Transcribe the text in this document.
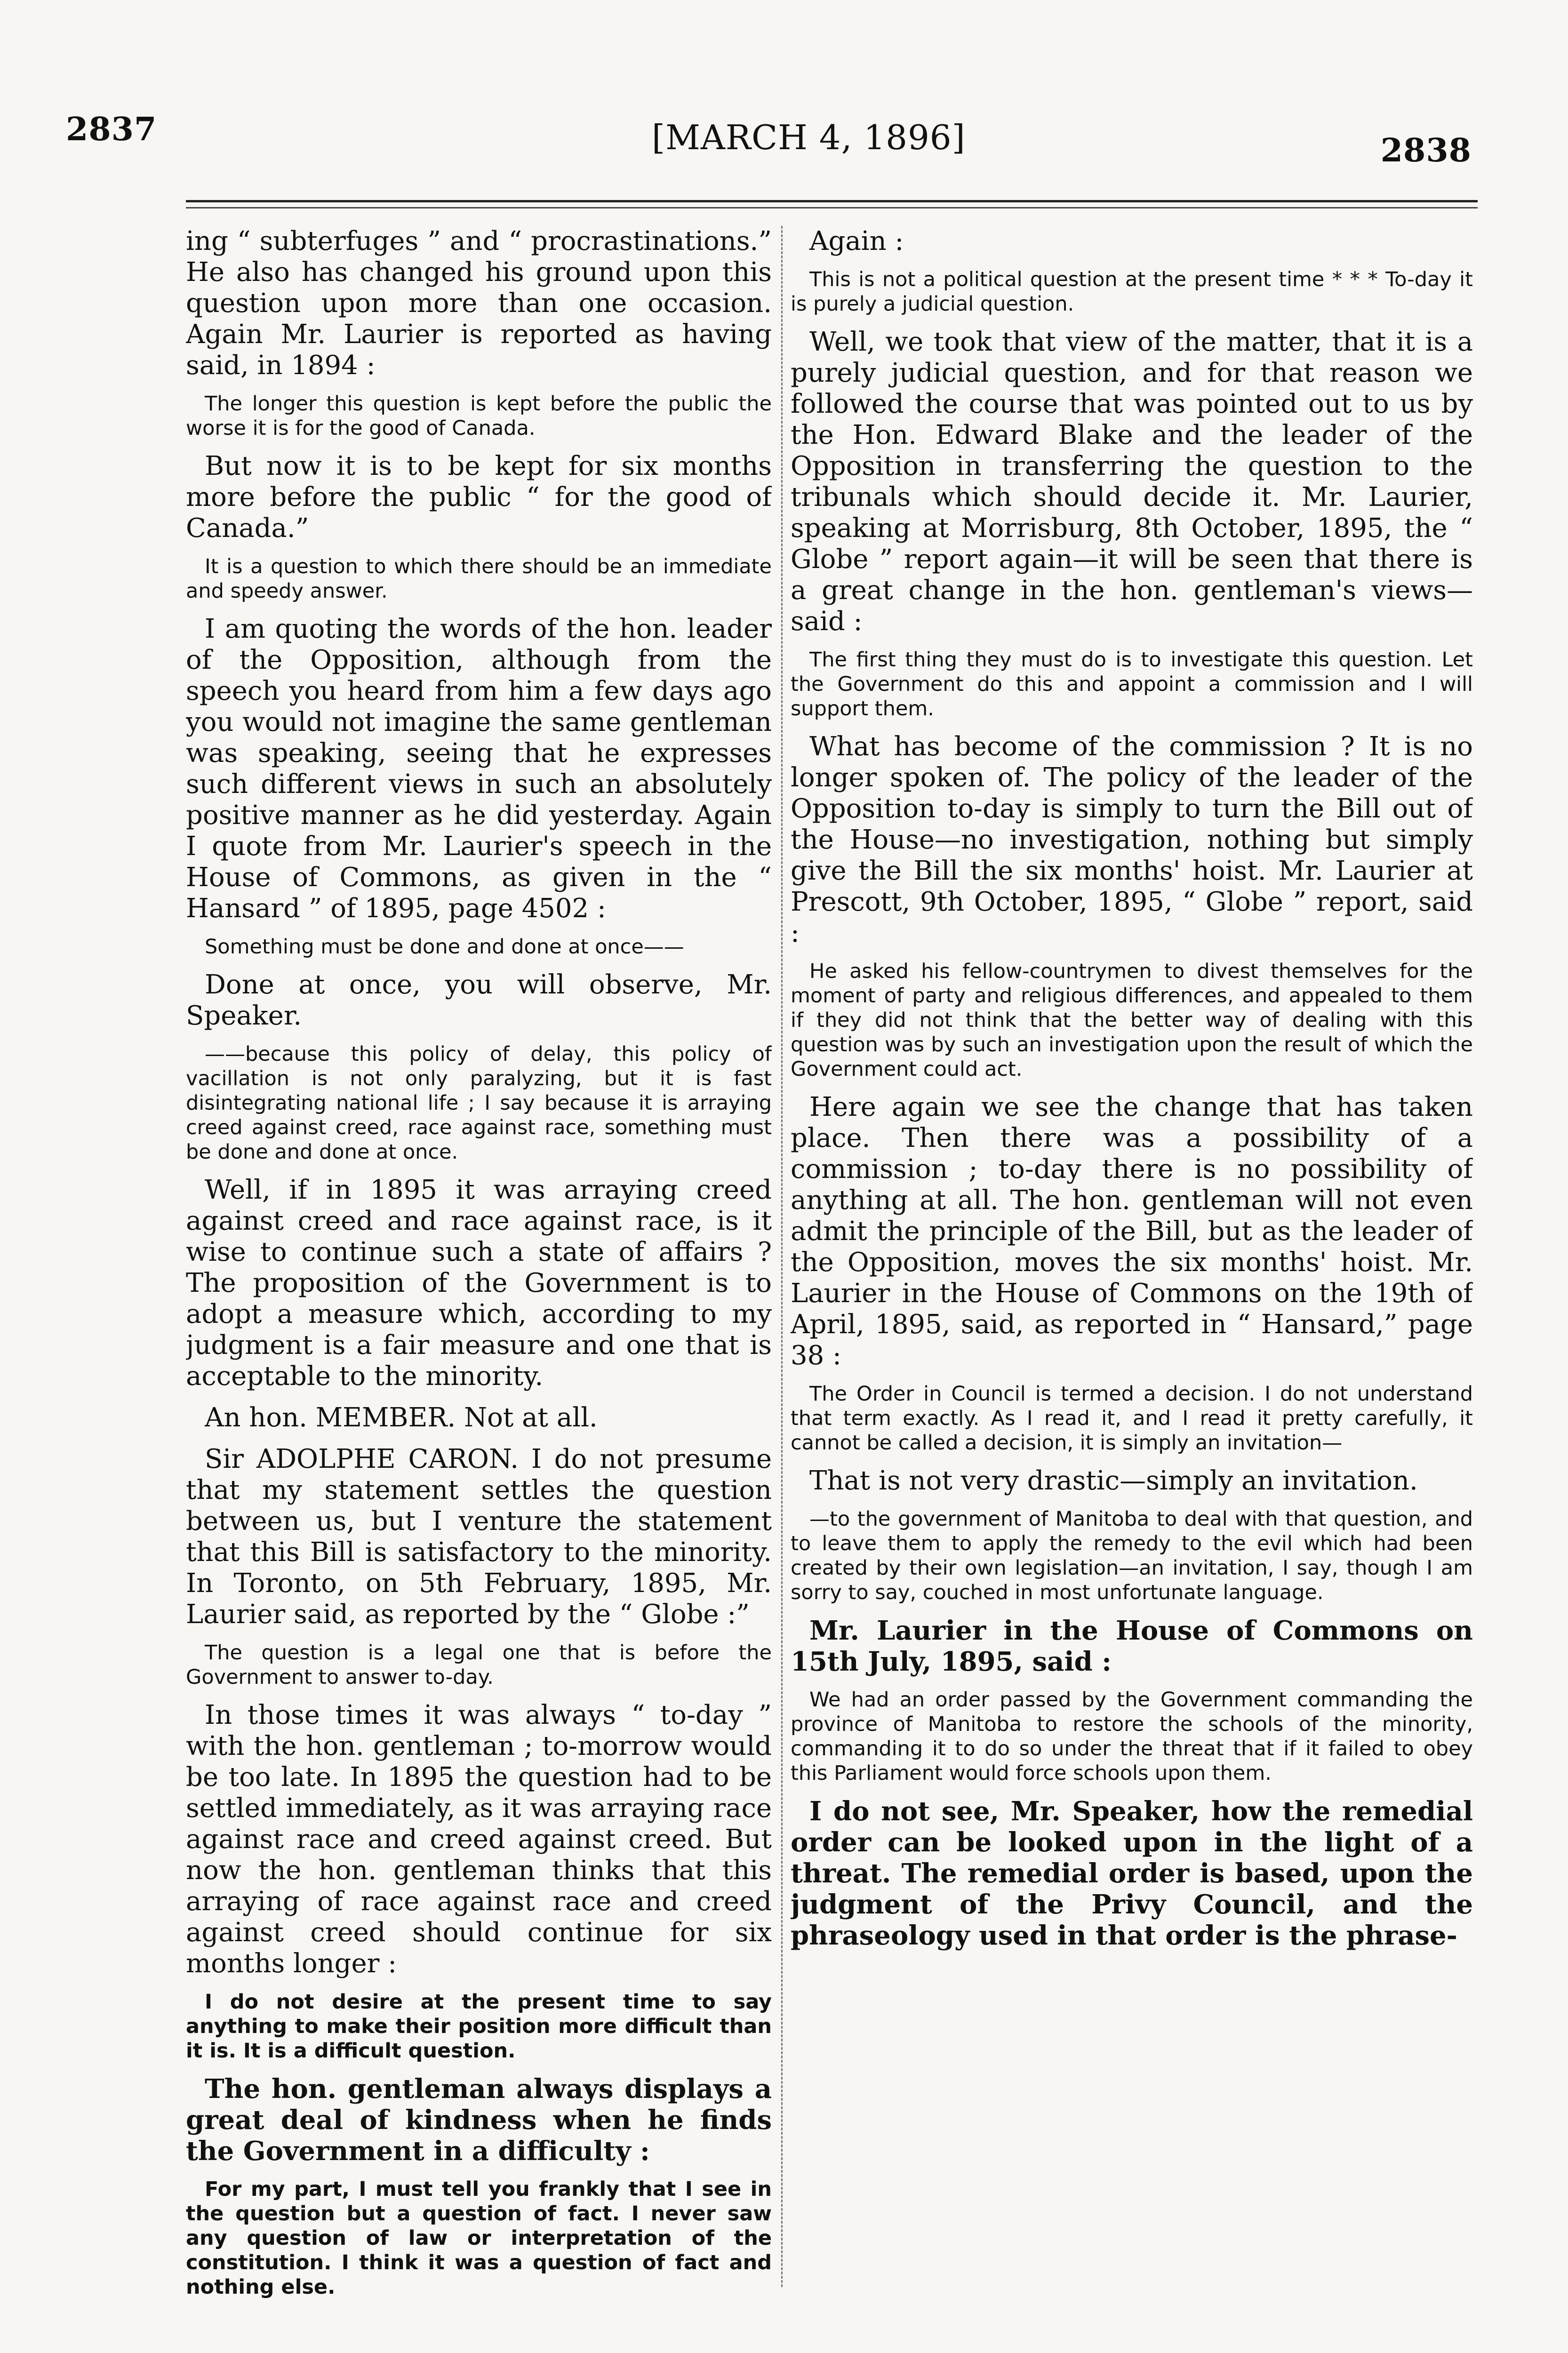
2837	[MARCH 4, 1896]	2838

ing “ subterfuges ” and “ procrastinations.” He also has changed his ground upon this question upon more than one occasion. Again Mr. Laurier is reported as having said, in 1894 :

The longer this question is kept before the public the worse it is for the good of Canada.

But now it is to be kept for six months more before the public “ for the good of Canada.”

It is a question to which there should be an immediate and speedy answer.

I am quoting the words of the hon. leader of the Opposition, although from the speech you heard from him a few days ago you would not imagine the same gentleman was speaking, seeing that he expresses such different views in such an absolutely positive manner as he did yesterday. Again I quote from Mr. Laurier's speech in the House of Commons, as given in the “ Hansard ” of 1895, page 4502 :

Something must be done and done at once——

Done at once, you will observe, Mr. Speaker.

——because this policy of delay, this policy of vacillation is not only paralyzing, but it is fast disintegrating national life ; I say because it is arraying creed against creed, race against race, something must be done and done at once.

Well, if in 1895 it was arraying creed against creed and race against race, is it wise to continue such a state of affairs ? The proposition of the Government is to adopt a measure which, according to my judgment is a fair measure and one that is acceptable to the minority.

An hon. MEMBER. Not at all.

Sir ADOLPHE CARON. I do not presume that my statement settles the question between us, but I venture the statement that this Bill is satisfactory to the minority. In Toronto, on 5th February, 1895, Mr. Laurier said, as reported by the “ Globe :”

The question is a legal one that is before the Government to answer to-day.

In those times it was always “ to-day ” with the hon. gentleman ; to-morrow would be too late. In 1895 the question had to be settled immediately, as it was arraying race against race and creed against creed. But now the hon. gentleman thinks that this arraying of race against race and creed against creed should continue for six months longer :

I do not desire at the present time to say anything to make their position more difficult than it is. It is a difficult question.

The hon. gentleman always displays a great deal of kindness when he finds the Government in a difficulty :

For my part, I must tell you frankly that I see in the question but a question of fact. I never saw any question of law or interpretation of the constitution. I think it was a question of fact and nothing else.

Again :

This is not a political question at the present time * * * To-day it is purely a judicial question.

Well, we took that view of the matter, that it is a purely judicial question, and for that reason we followed the course that was pointed out to us by the Hon. Edward Blake and the leader of the Opposition in transferring the question to the tribunals which should decide it. Mr. Laurier, speaking at Morrisburg, 8th October, 1895, the “ Globe ” report again—it will be seen that there is a great change in the hon. gentleman's views—said :

The first thing they must do is to investigate this question. Let the Government do this and appoint a commission and I will support them.

What has become of the commission ? It is no longer spoken of. The policy of the leader of the Opposition to-day is simply to turn the Bill out of the House—no investigation, nothing but simply give the Bill the six months' hoist. Mr. Laurier at Prescott, 9th October, 1895, “ Globe ” report, said :

He asked his fellow-countrymen to divest themselves for the moment of party and religious differences, and appealed to them if they did not think that the better way of dealing with this question was by such an investigation upon the result of which the Government could act.

Here again we see the change that has taken place. Then there was a possibility of a commission ; to-day there is no possibility of anything at all. The hon. gentleman will not even admit the principle of the Bill, but as the leader of the Opposition, moves the six months' hoist. Mr. Laurier in the House of Commons on the 19th of April, 1895, said, as reported in “ Hansard,” page 38 :

The Order in Council is termed a decision. I do not understand that term exactly. As I read it, and I read it pretty carefully, it cannot be called a decision, it is simply an invitation—

That is not very drastic—simply an invitation.

—to the government of Manitoba to deal with that question, and to leave them to apply the remedy to the evil which had been created by their own legislation—an invitation, I say, though I am sorry to say, couched in most unfortunate language.

Mr. Laurier in the House of Commons on 15th July, 1895, said :

We had an order passed by the Government commanding the province of Manitoba to restore the schools of the minority, commanding it to do so under the threat that if it failed to obey this Parliament would force schools upon them.

I do not see, Mr. Speaker, how the remedial order can be looked upon in the light of a threat. The remedial order is based, upon the judgment of the Privy Council, and the phraseology used in that order is the phrase-
